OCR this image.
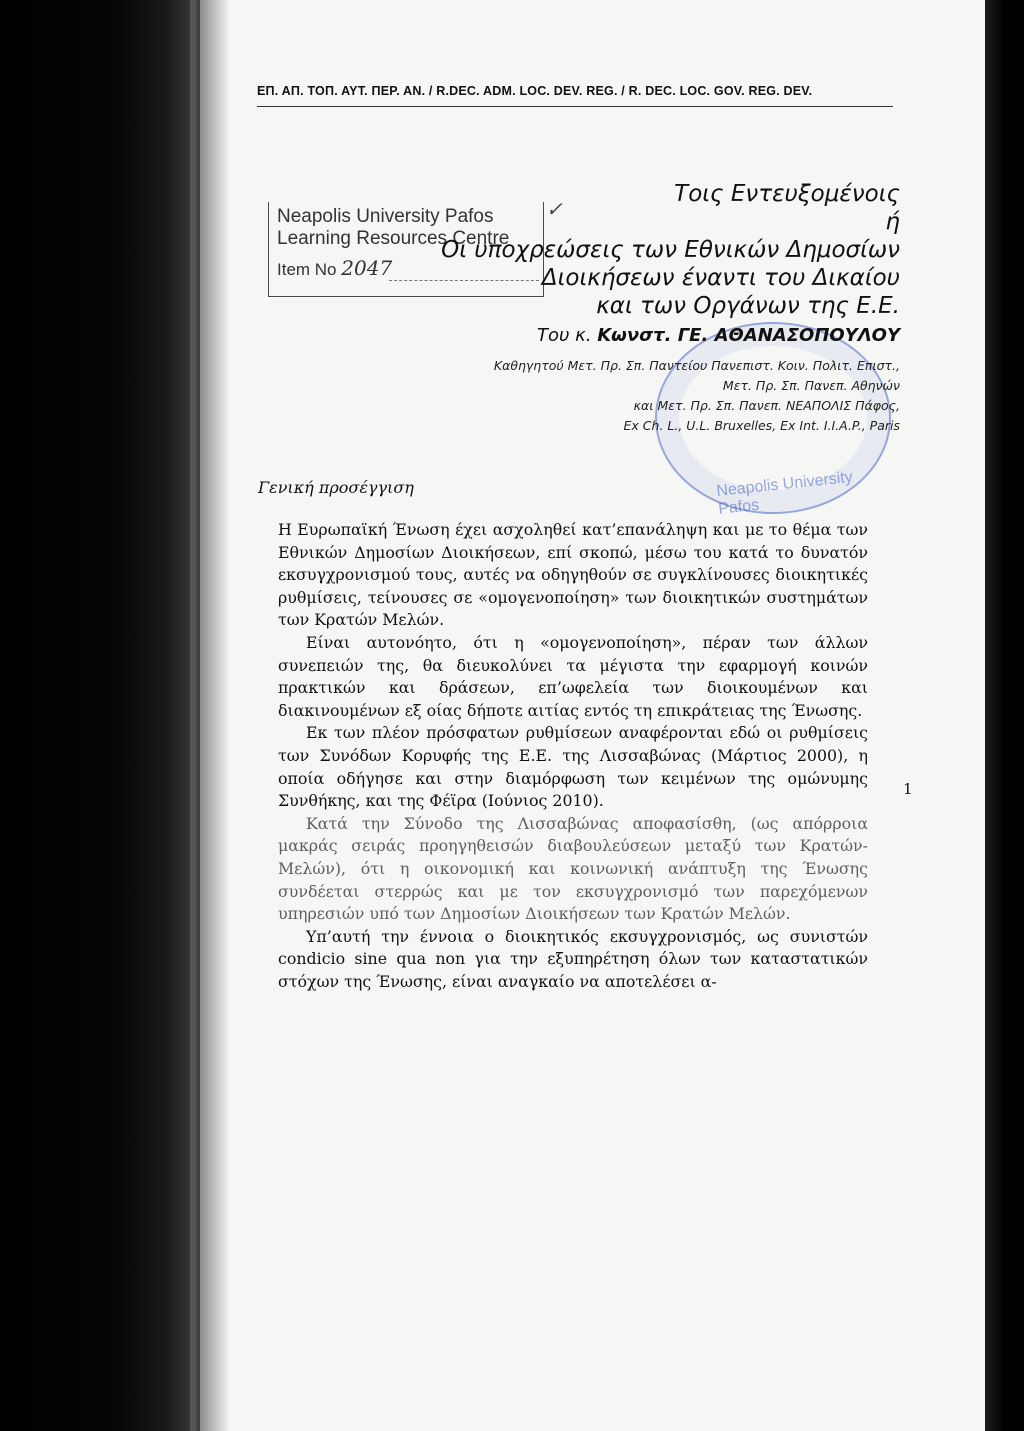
ΕΠ. ΑΠ. ΤΟΠ. ΑΥΤ. ΠΕΡ. ΑΝ. / R.DEC. ADM. LOC. DEV. REG. / R. DEC. LOC. GOV. REG. DEV.
Neapolis University Pafos
Learning Resources Centre
Item No 2047
✓
Τοις Εντευξομένοις
ή
Οι υποχρεώσεις των Εθνικών Δημοσίων
Διοικήσεων έναντι του Δικαίου
και των Οργάνων της Ε.Ε.
Neapolis University Pafos
Του κ. Κωνστ. ΓΕ. ΑΘΑΝΑΣΟΠΟΥΛΟΥ
Καθηγητού Μετ. Πρ. Σπ. Παντείου Πανεπιστ. Κοιν. Πολιτ. Επιστ.,
Μετ. Πρ. Σπ. Πανεπ. Αθηνών
και Μετ. Πρ. Σπ. Πανεπ. ΝΕΑΠΟΛΙΣ Πάφος,
Ex Ch. L., U.L. Bruxelles, Ex Int. I.I.A.P., Paris
Γενική προσέγγιση

Η Ευρωπαϊκή Ένωση έχει ασχοληθεί κατ’επανάληψη και με το θέμα των Εθνικών Δημοσίων Διοικήσεων, επί σκοπώ, μέσω του κατά το δυνατόν εκσυγχρονισμού τους, αυτές να οδηγηθούν σε συγκλίνουσες διοικητικές ρυθμίσεις, τείνουσες σε «ομογενοποίηση» των διοικητικών συστημάτων των Κρατών Μελών.

Είναι αυτονόητο, ότι η «ομογενοποίηση», πέραν των άλλων συνεπειών της, θα διευκολύνει τα μέγιστα την εφαρμογή κοινών πρακτικών και δράσεων, επ’ωφελεία των διοικουμένων και διακινουμένων εξ οίας δήποτε αιτίας εντός τη επικράτειας της Ένωσης.

Εκ των πλέον πρόσφατων ρυθμίσεων αναφέρονται εδώ οι ρυθμίσεις των Συνόδων Κορυφής της Ε.Ε. της Λισσαβώνας (Μάρτιος 2000), η οποία οδήγησε και στην διαμόρφωση των κειμένων της ομώνυμης Συνθήκης, και της Φέϊρα (Ιούνιος 2010).

Κατά την Σύνοδο της Λισσαβώνας αποφασίσθη, (ως απόρροια μακράς σειράς προηγηθεισών διαβουλεύσεων μεταξύ των Κρατών-Μελών), ότι η οικονομική και κοινωνική ανάπτυξη της Ένωσης συνδέεται στερρώς και με τον εκσυγχρονισμό των παρεχόμενων υπηρεσιών υπό των Δημοσίων Διοικήσεων των Κρατών Μελών.

Υπ’αυτή την έννοια ο διοικητικός εκσυγχρονισμός, ως συνιστών condicio sine qua non για την εξυπηρέτηση όλων των καταστατικών στόχων της Ένωσης, είναι αναγκαίο να αποτελέσει α-

1
